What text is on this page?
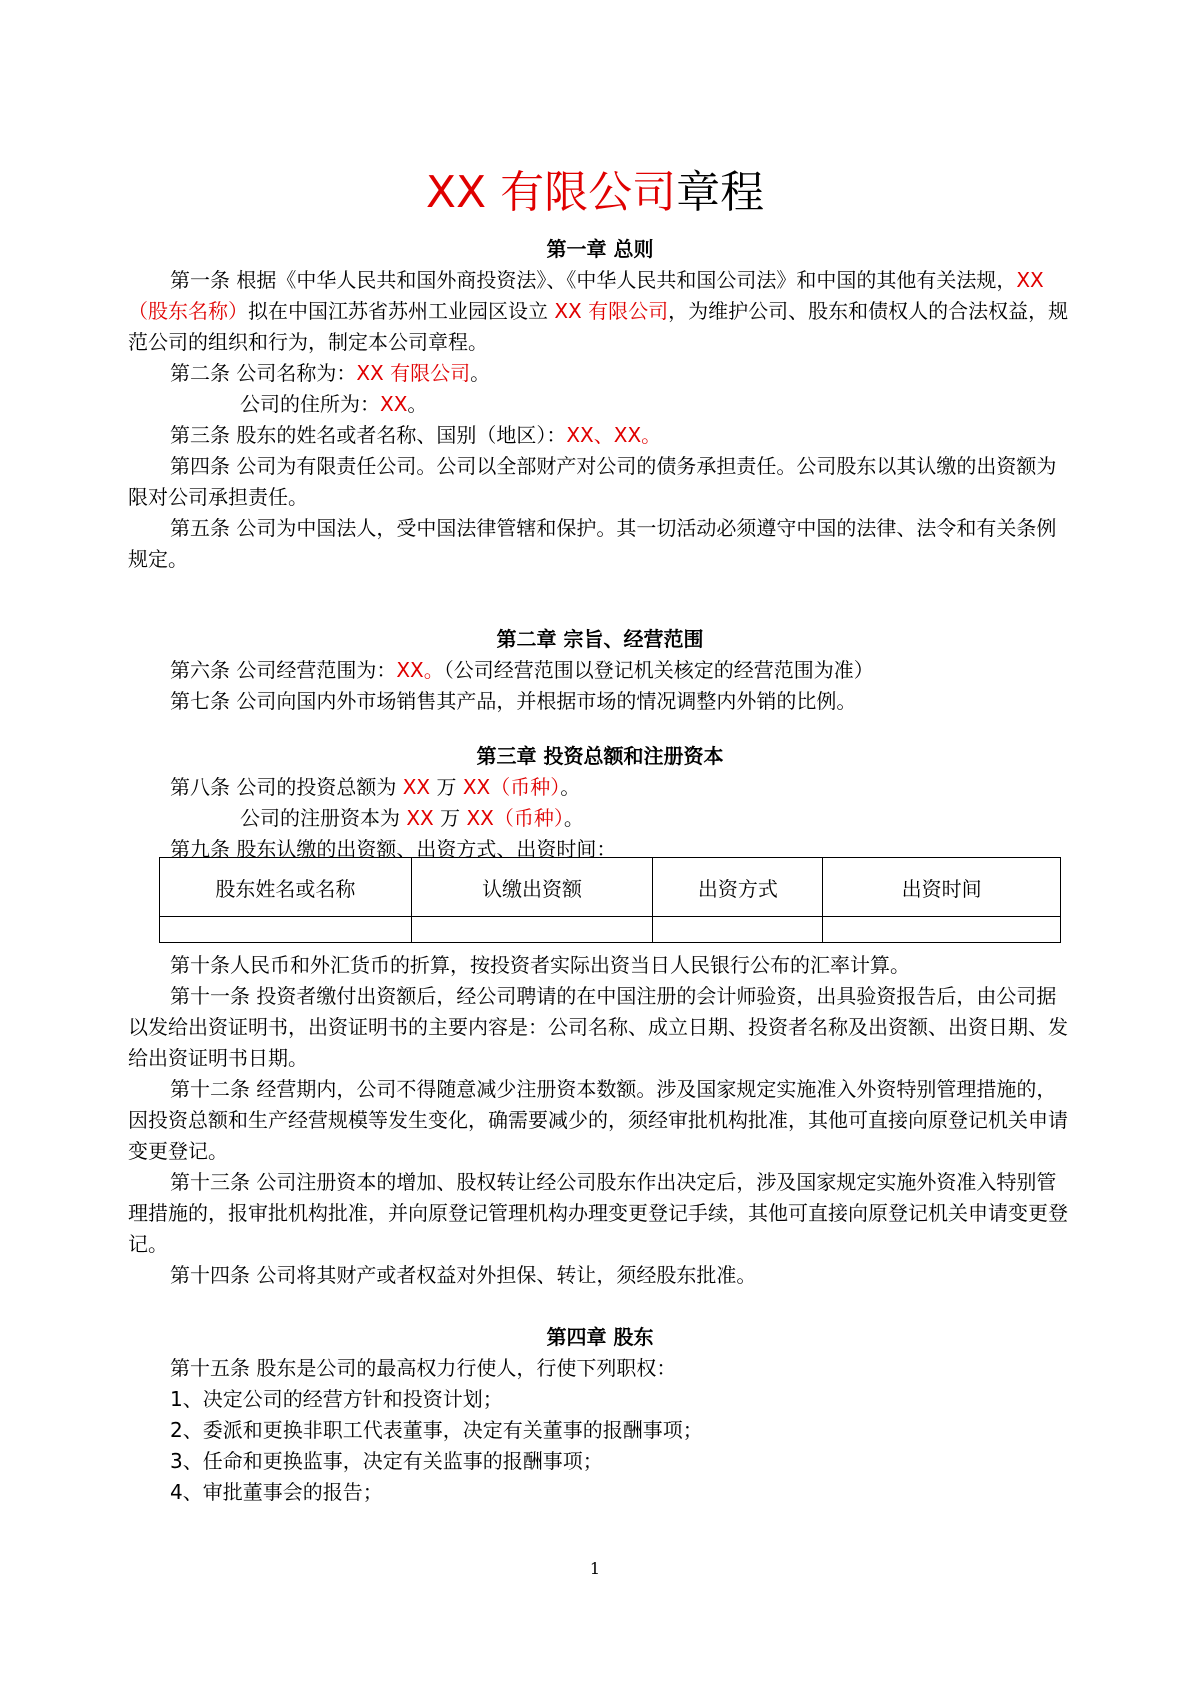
XX 有限公司章程

第一章 总则

第一条 根据《中华人民共和国外商投资法》、《中华人民共和国公司法》和中国的其他有关法规，XX（股东名称）拟在中国江苏省苏州工业园区设立 XX 有限公司，为维护公司、股东和债权人的合法权益，规范公司的组织和行为，制定本公司章程。

第二条 公司名称为：XX 有限公司。

公司的住所为：XX。

第三条 股东的姓名或者名称、国别（地区）：XX、XX。

第四条 公司为有限责任公司。公司以全部财产对公司的债务承担责任。公司股东以其认缴的出资额为限对公司承担责任。

第五条 公司为中国法人，受中国法律管辖和保护。其一切活动必须遵守中国的法律、法令和有关条例规定。

第二章 宗旨、经营范围

第六条 公司经营范围为：XX。（公司经营范围以登记机关核定的经营范围为准）

第七条 公司向国内外市场销售其产品，并根据市场的情况调整内外销的比例。

第三章 投资总额和注册资本

第八条 公司的投资总额为 XX 万 XX（币种）。

公司的注册资本为 XX 万 XX（币种）。

第九条 股东认缴的出资额、出资方式、出资时间：

股东姓名或名称	认缴出资额	出资方式	出资时间

第十条人民币和外汇货币的折算，按投资者实际出资当日人民银行公布的汇率计算。

第十一条 投资者缴付出资额后，经公司聘请的在中国注册的会计师验资，出具验资报告后，由公司据以发给出资证明书，出资证明书的主要内容是：公司名称、成立日期、投资者名称及出资额、出资日期、发给出资证明书日期。

第十二条 经营期内，公司不得随意减少注册资本数额。涉及国家规定实施准入外资特别管理措施的，因投资总额和生产经营规模等发生变化，确需要减少的，须经审批机构批准，其他可直接向原登记机关申请变更登记。

第十三条 公司注册资本的增加、股权转让经公司股东作出决定后，涉及国家规定实施外资准入特别管理措施的，报审批机构批准，并向原登记管理机构办理变更登记手续，其他可直接向原登记机关申请变更登记。

第十四条 公司将其财产或者权益对外担保、转让，须经股东批准。

第四章 股东

第十五条 股东是公司的最高权力行使人，行使下列职权：

1、决定公司的经营方针和投资计划；

2、委派和更换非职工代表董事，决定有关董事的报酬事项；

3、任命和更换监事，决定有关监事的报酬事项；

4、审批董事会的报告；

1
